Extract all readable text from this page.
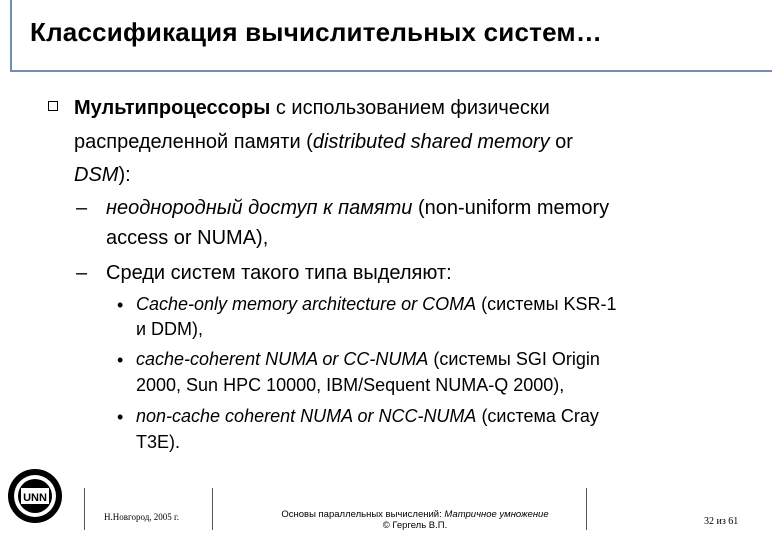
Классификация вычислительных систем…
Мультипроцессоры с использованием физически
распределенной памяти (distributed shared memory or
DSM):
– неоднородный доступ к памяти (non-uniform memory
access or NUMA),
– Среди систем такого типа выделяют:
• Cache-only memory architecture or COMA (системы KSR-1
и DDM),
• cache-coherent NUMA or CC-NUMA (системы SGI Origin
2000, Sun HPC 10000, IBM/Sequent NUMA-Q 2000),
• non-cache coherent NUMA or NCC-NUMA (система Cray
T3E).
UNN
Н.Новгород, 2005 г.	Основы параллельных вычислений: Матричное умножение
© Гергель В.П.	32 из 61
